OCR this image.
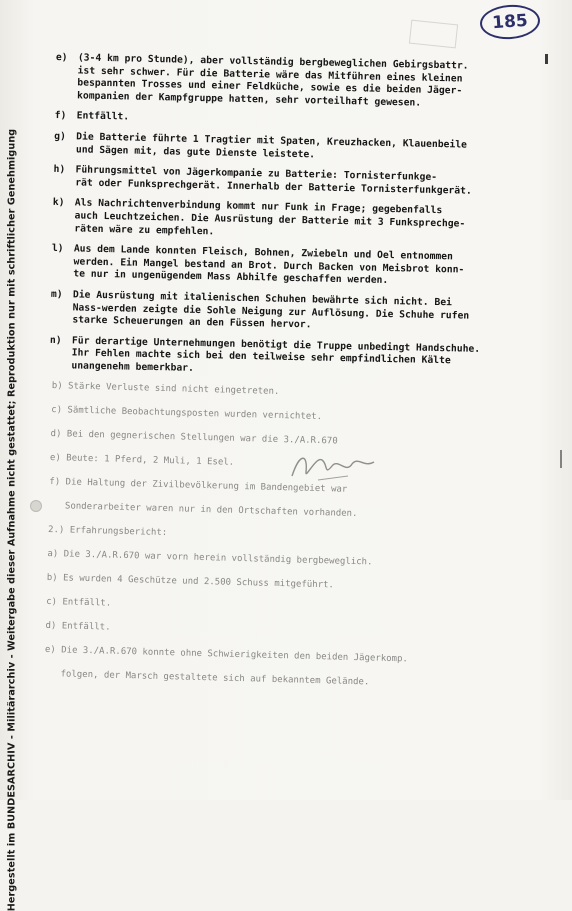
Hergestellt im BUNDESARCHIV - Militärarchiv - Weitergabe dieser Aufnahme nicht gestattet; Reproduktion nur mit schriftlicher Genehmigung
185
e) (3-4 km pro Stunde), aber vollständig bergbeweglichen Gebirgsbattr.
ist sehr schwer. Für die Batterie wäre das Mitführen eines kleinen
bespannten Trosses und einer Feldküche, sowie es die beiden Jäger-
kompanien der Kampfgruppe hatten, sehr vorteilhaft gewesen.
f) Entfällt.
g) Die Batterie führte 1 Tragtier mit Spaten, Kreuzhacken, Klauenbeile
und Sägen mit, das gute Dienste leistete.
h) Führungsmittel von Jägerkompanie zu Batterie: Tornisterfunkge-
rät oder Funksprechgerät. Innerhalb der Batterie Tornisterfunkgerät.
k) Als Nachrichtenverbindung kommt nur Funk in Frage; gegebenfalls
auch Leuchtzeichen. Die Ausrüstung der Batterie mit 3 Funksprechge-
räten wäre zu empfehlen.
l) Aus dem Lande konnten Fleisch, Bohnen, Zwiebeln und Oel entnommen
werden. Ein Mangel bestand an Brot. Durch Backen von Meisbrot konn-
te nur in ungenügendem Mass Abhilfe geschaffen werden.
m) Die Ausrüstung mit italienischen Schuhen bewährte sich nicht. Bei
Nass-werden zeigte die Sohle Neigung zur Auflösung. Die Schuhe rufen
starke Scheuerungen an den Füssen hervor.
n) Für derartige Unternehmungen benötigt die Truppe unbedingt Handschuhe.
Ihr Fehlen machte sich bei den teilweise sehr empfindlichen Kälte
unangenehm bemerkbar.
b) Stärke Verluste sind nicht eingetreten.
c) Sämtliche Beobachtungsposten wurden vernichtet.
d) Bei den gegnerischen Stellungen war die 3./A.R.670
e) Beute: 1 Pferd, 2 Muli, 1 Esel.
f) Die Haltung der Zivilbevölkerung im Bandengebiet war
Sonderarbeiter waren nur in den Ortschaften vorhanden.
2.) Erfahrungsbericht:
a) Die 3./A.R.670 war vorn herein vollständig bergbeweglich.
b) Es wurden 4 Geschütze und 2.500 Schuss mitgeführt.
c) Entfällt.
d) Entfällt.
e) Die 3./A.R.670 konnte ohne Schwierigkeiten den beiden Jägerkomp.
folgen, der Marsch gestaltete sich auf bekanntem Gelände.
